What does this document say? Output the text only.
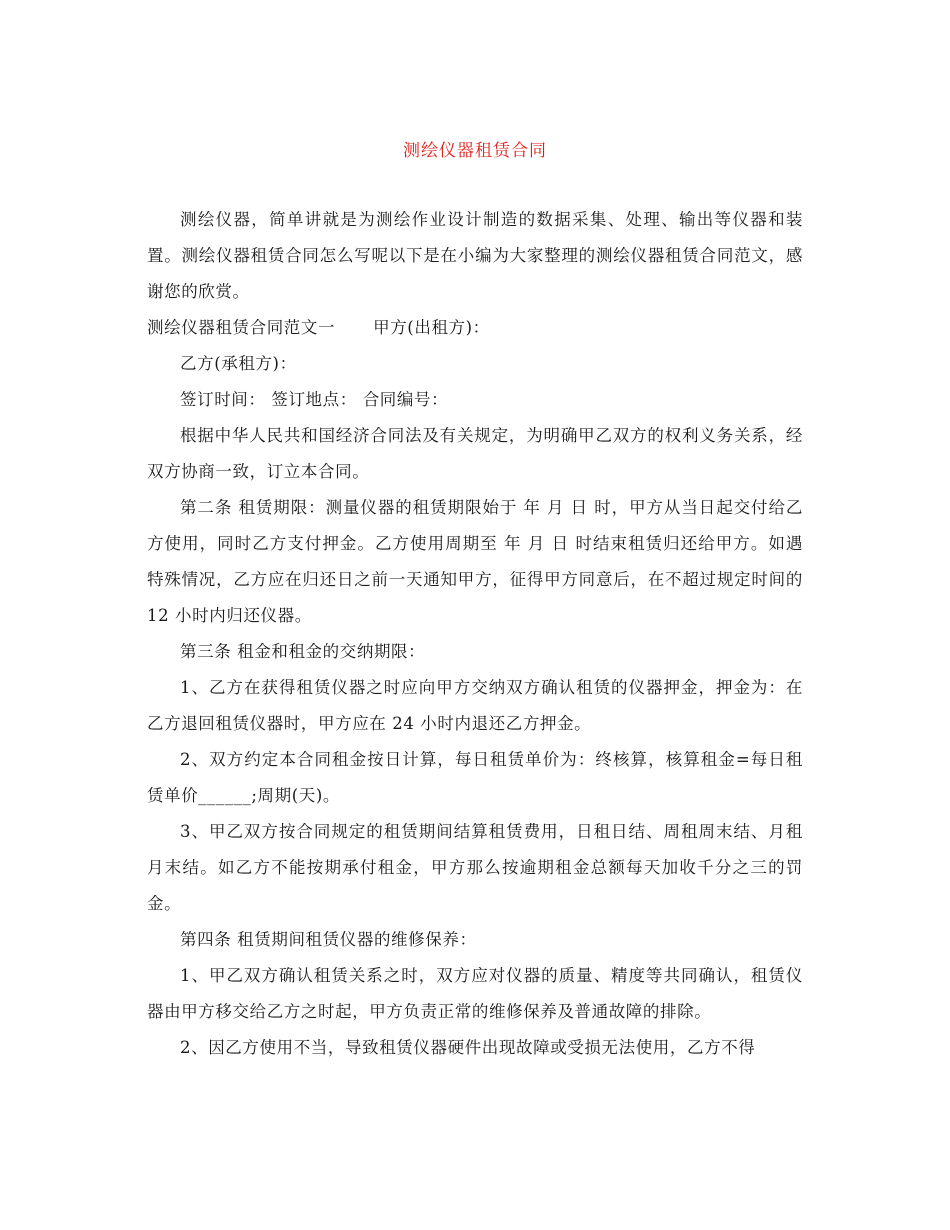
测绘仪器租赁合同

测绘仪器，简单讲就是为测绘作业设计制造的数据采集、处理、输出等仪器和装置。测绘仪器租赁合同怎么写呢以下是在小编为大家整理的测绘仪器租赁合同范文，感谢您的欣赏。

测绘仪器租赁合同范文一 甲方(出租方)：

乙方(承租方)：

签订时间： 签订地点： 合同编号：

根据中华人民共和国经济合同法及有关规定，为明确甲乙双方的权利义务关系，经双方协商一致，订立本合同。

第二条 租赁期限：测量仪器的租赁期限始于 年 月 日 时，甲方从当日起交付给乙方使用，同时乙方支付押金。乙方使用周期至 年 月 日 时结束租赁归还给甲方。如遇特殊情况，乙方应在归还日之前一天通知甲方，征得甲方同意后，在不超过规定时间的 12 小时内归还仪器。

第三条 租金和租金的交纳期限：

1、乙方在获得租赁仪器之时应向甲方交纳双方确认租赁的仪器押金，押金为：在乙方退回租赁仪器时，甲方应在 24 小时内退还乙方押金。

2、双方约定本合同租金按日计算，每日租赁单价为：终核算，核算租金=每日租赁单价______;周期(天)。

3、甲乙双方按合同规定的租赁期间结算租赁费用，日租日结、周租周末结、月租月末结。如乙方不能按期承付租金，甲方那么按逾期租金总额每天加收千分之三的罚金。

第四条 租赁期间租赁仪器的维修保养：

1、甲乙双方确认租赁关系之时，双方应对仪器的质量、精度等共同确认，租赁仪器由甲方移交给乙方之时起，甲方负责正常的维修保养及普通故障的排除。

2、因乙方使用不当，导致租赁仪器硬件出现故障或受损无法使用，乙方不得
